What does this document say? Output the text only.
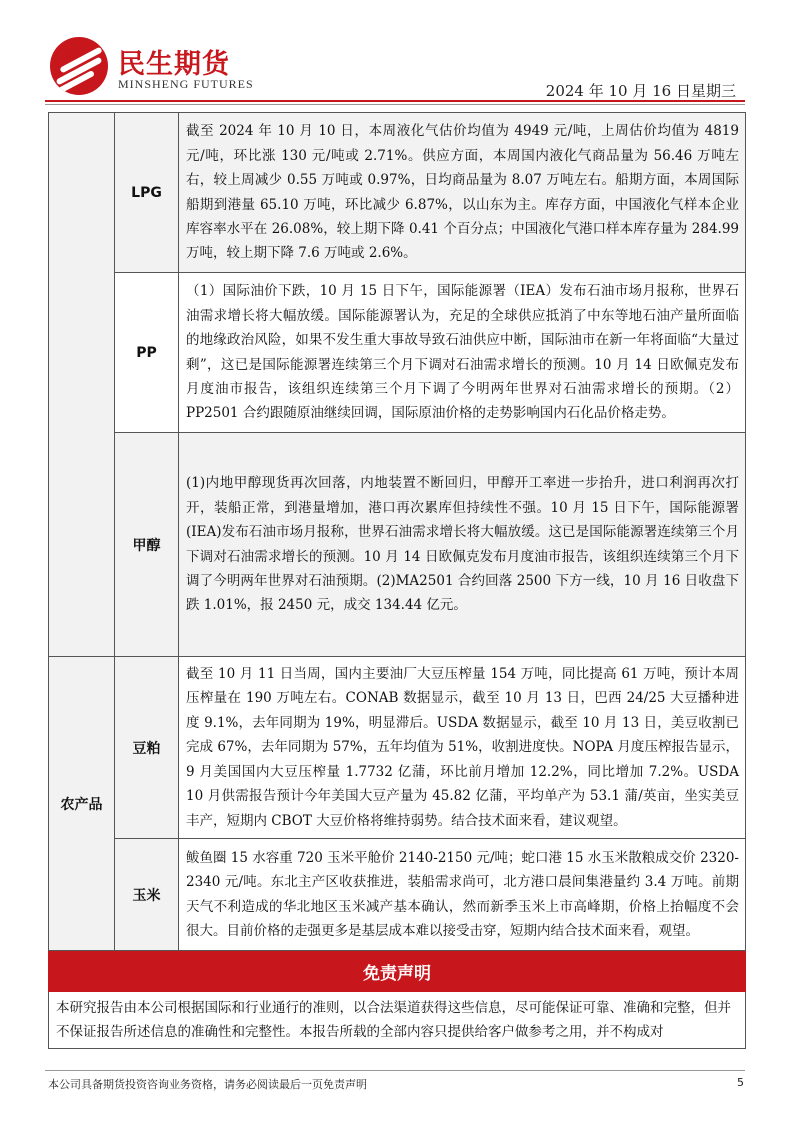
民生期货
MINSHENG FUTURES	2024 年 10 月 16 日星期三
	LPG	截至 2024 年 10 月 10 日，本周液化气估价均值为 4949 元/吨，上周估价均值为 4819 元/吨，环比涨 130 元/吨或 2.71%。供应方面，本周国内液化气商品量为 56.46 万吨左右，较上周减少 0.55 万吨或 0.97%，日均商品量为 8.07 万吨左右。船期方面，本周国际船期到港量 65.10 万吨，环比减少 6.87%，以山东为主。库存方面，中国液化气样本企业库容率水平在 26.08%，较上期下降 0.41 个百分点；中国液化气港口样本库存量为 284.99 万吨，较上期下降 7.6 万吨或 2.6%。
	PP	（1）国际油价下跌，10 月 15 日下午，国际能源署（IEA）发布石油市场月报称，世界石油需求增长将大幅放缓。国际能源署认为，充足的全球供应抵消了中东等地石油产量所面临的地缘政治风险，如果不发生重大事故导致石油供应中断，国际油市在新一年将面临“大量过剩”，这已是国际能源署连续第三个月下调对石油需求增长的预测。10 月 14 日欧佩克发布月度油市报告，该组织连续第三个月下调了今明两年世界对石油需求增长的预期。（2）PP2501 合约跟随原油继续回调，国际原油价格的走势影响国内石化品价格走势。
	甲醇	(1)内地甲醇现货再次回落，内地装置不断回归，甲醇开工率进一步抬升，进口利润再次打开，装船正常，到港量增加，港口再次累库但持续性不强。10 月 15 日下午，国际能源署(IEA)发布石油市场月报称，世界石油需求增长将大幅放缓。这已是国际能源署连续第三个月下调对石油需求增长的预测。10 月 14 日欧佩克发布月度油市报告，该组织连续第三个月下调了今明两年世界对石油预期。(2)MA2501 合约回落 2500 下方一线，10 月 16 日收盘下跌 1.01%，报 2450 元，成交 134.44 亿元。
农产品	豆粕	截至 10 月 11 日当周，国内主要油厂大豆压榨量 154 万吨，同比提高 61 万吨，预计本周压榨量在 190 万吨左右。CONAB 数据显示，截至 10 月 13 日，巴西 24/25 大豆播种进度 9.1%，去年同期为 19%，明显滞后。USDA 数据显示，截至 10 月 13 日，美豆收割已完成 67%，去年同期为 57%，五年均值为 51%，收割进度快。NOPA 月度压榨报告显示，9 月美国国内大豆压榨量 1.7732 亿蒲，环比前月增加 12.2%，同比增加 7.2%。USDA 10 月供需报告预计今年美国大豆产量为 45.82 亿蒲，平均单产为 53.1 蒲/英亩，坐实美豆丰产，短期内 CBOT 大豆价格将维持弱势。结合技术面来看，建议观望。
	玉米	鲅鱼圈 15 水容重 720 玉米平舱价 2140-2150 元/吨；蛇口港 15 水玉米散粮成交价 2320-2340 元/吨。东北主产区收获推进，装船需求尚可，北方港口晨间集港量约 3.4 万吨。前期天气不利造成的华北地区玉米减产基本确认，然而新季玉米上市高峰期，价格上抬幅度不会很大。目前价格的走强更多是基层成本难以接受击穿，短期内结合技术面来看，观望。
免责声明		
本研究报告由本公司根据国际和行业通行的准则，以合法渠道获得这些信息，尽可能保证可靠、准确和完整，但并不保证报告所述信息的准确性和完整性。本报告所载的全部内容只提供给客户做参考之用，并不构成对		
本公司具备期货投资咨询业务资格，请务必阅读最后一页免责声明	5
